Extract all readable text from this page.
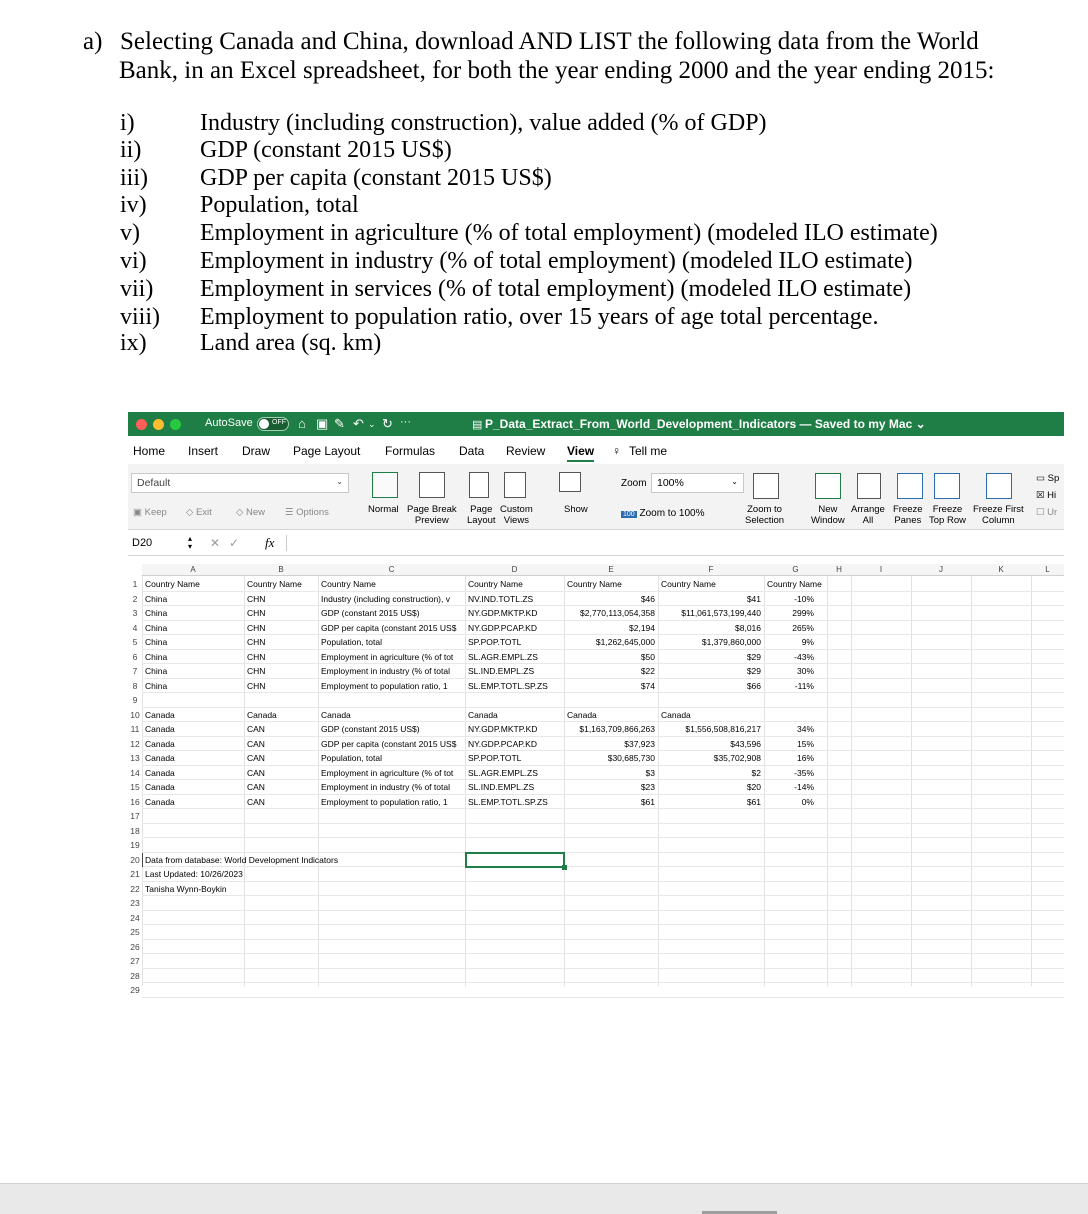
a) Selecting Canada and China, download AND LIST the following data from the World
Bank, in an Excel spreadsheet, for both the year ending 2000 and the year ending 2015:
i)	Industry (including construction), value added (% of GDP)
ii) GDP (constant 2015 US$)
iii) GDP per capita (constant 2015 US$)
iv) Population, total
v)	Employment in agriculture (% of total employment) (modeled ILO estimate)
vi) Employment in industry (% of total employment) (modeled ILO estimate)
vii) Employment in services (% of total employment) (modeled ILO estimate)
viii) Employment to population ratio, over 15 years of age total percentage.
ix) Land area (sq. km)
AutoSave	OFF ⌂ ▣ ✎ ↶ ⌄ ↻ ···	▤ P_Data_Extract_From_World_Development_Indicators — Saved to my Mac ⌄
Home Insert Draw Page Layout Formulas Data Review View ♀ Tell me
Default	⌄
▣ Keep ◇ Exit	◇ New ☰ Options	Normal Page Break
Preview
Page
Layout
Custom
Views
Show
Zoom 100%	⌄
100 Zoom to 100%	Zoom to
Selection
New
Window
Arrange
All
Freeze
Panes
Freeze
Top Row
Freeze First
Column
▭ Sp
☒ Hi
☐ Ur
D20	▴
▾ ✕ ✓ fx
A	B	C	D	E	F	G	H	I	J	K	L
1 Country Name	Country Name	Country Name	Country Name	Country Name	Country Name	Country Name
2 China	CHN	Industry (including construction), v	NV.IND.TOTL.ZS	$46	$41	-10%
3 China	CHN	GDP (constant 2015 US$)	NY.GDP.MKTP.KD	$2,770,113,054,358	$11,061,573,199,440	299%
4 China	CHN	GDP per capita (constant 2015 US$	NY.GDP.PCAP.KD	$2,194	$8,016	265%
5 China	CHN	Population, total	SP.POP.TOTL	$1,262,645,000	$1,379,860,000	9%
6 China	CHN	Employment in agriculture (% of tot	SL.AGR.EMPL.ZS	$50	$29	-43%
7 China	CHN	Employment in industry (% of total	SL.IND.EMPL.ZS	$22	$29	30%
8 China	CHN	Employment to population ratio, 1	SL.EMP.TOTL.SP.ZS	$74	$66	-11%
9
10 Canada	Canada	Canada	Canada	Canada	Canada
11 Canada	CAN	GDP (constant 2015 US$)	NY.GDP.MKTP.KD	$1,163,709,866,263	$1,556,508,816,217	34%
12 Canada	CAN	GDP per capita (constant 2015 US$	NY.GDP.PCAP.KD	$37,923	$43,596	15%
13 Canada	CAN	Population, total	SP.POP.TOTL	$30,685,730	$35,702,908	16%
14 Canada	CAN	Employment in agriculture (% of tot	SL.AGR.EMPL.ZS	$3	$2	-35%
15 Canada	CAN	Employment in industry (% of total	SL.IND.EMPL.ZS	$23	$20	-14%
16 Canada	CAN	Employment to population ratio, 1	SL.EMP.TOTL.SP.ZS	$61	$61	0%
17
18
19
20 Data from database: World Development Indicators
21 Last Updated: 10/26/2023
22 Tanisha Wynn-Boykin
23
24
25
26
27
28
29
